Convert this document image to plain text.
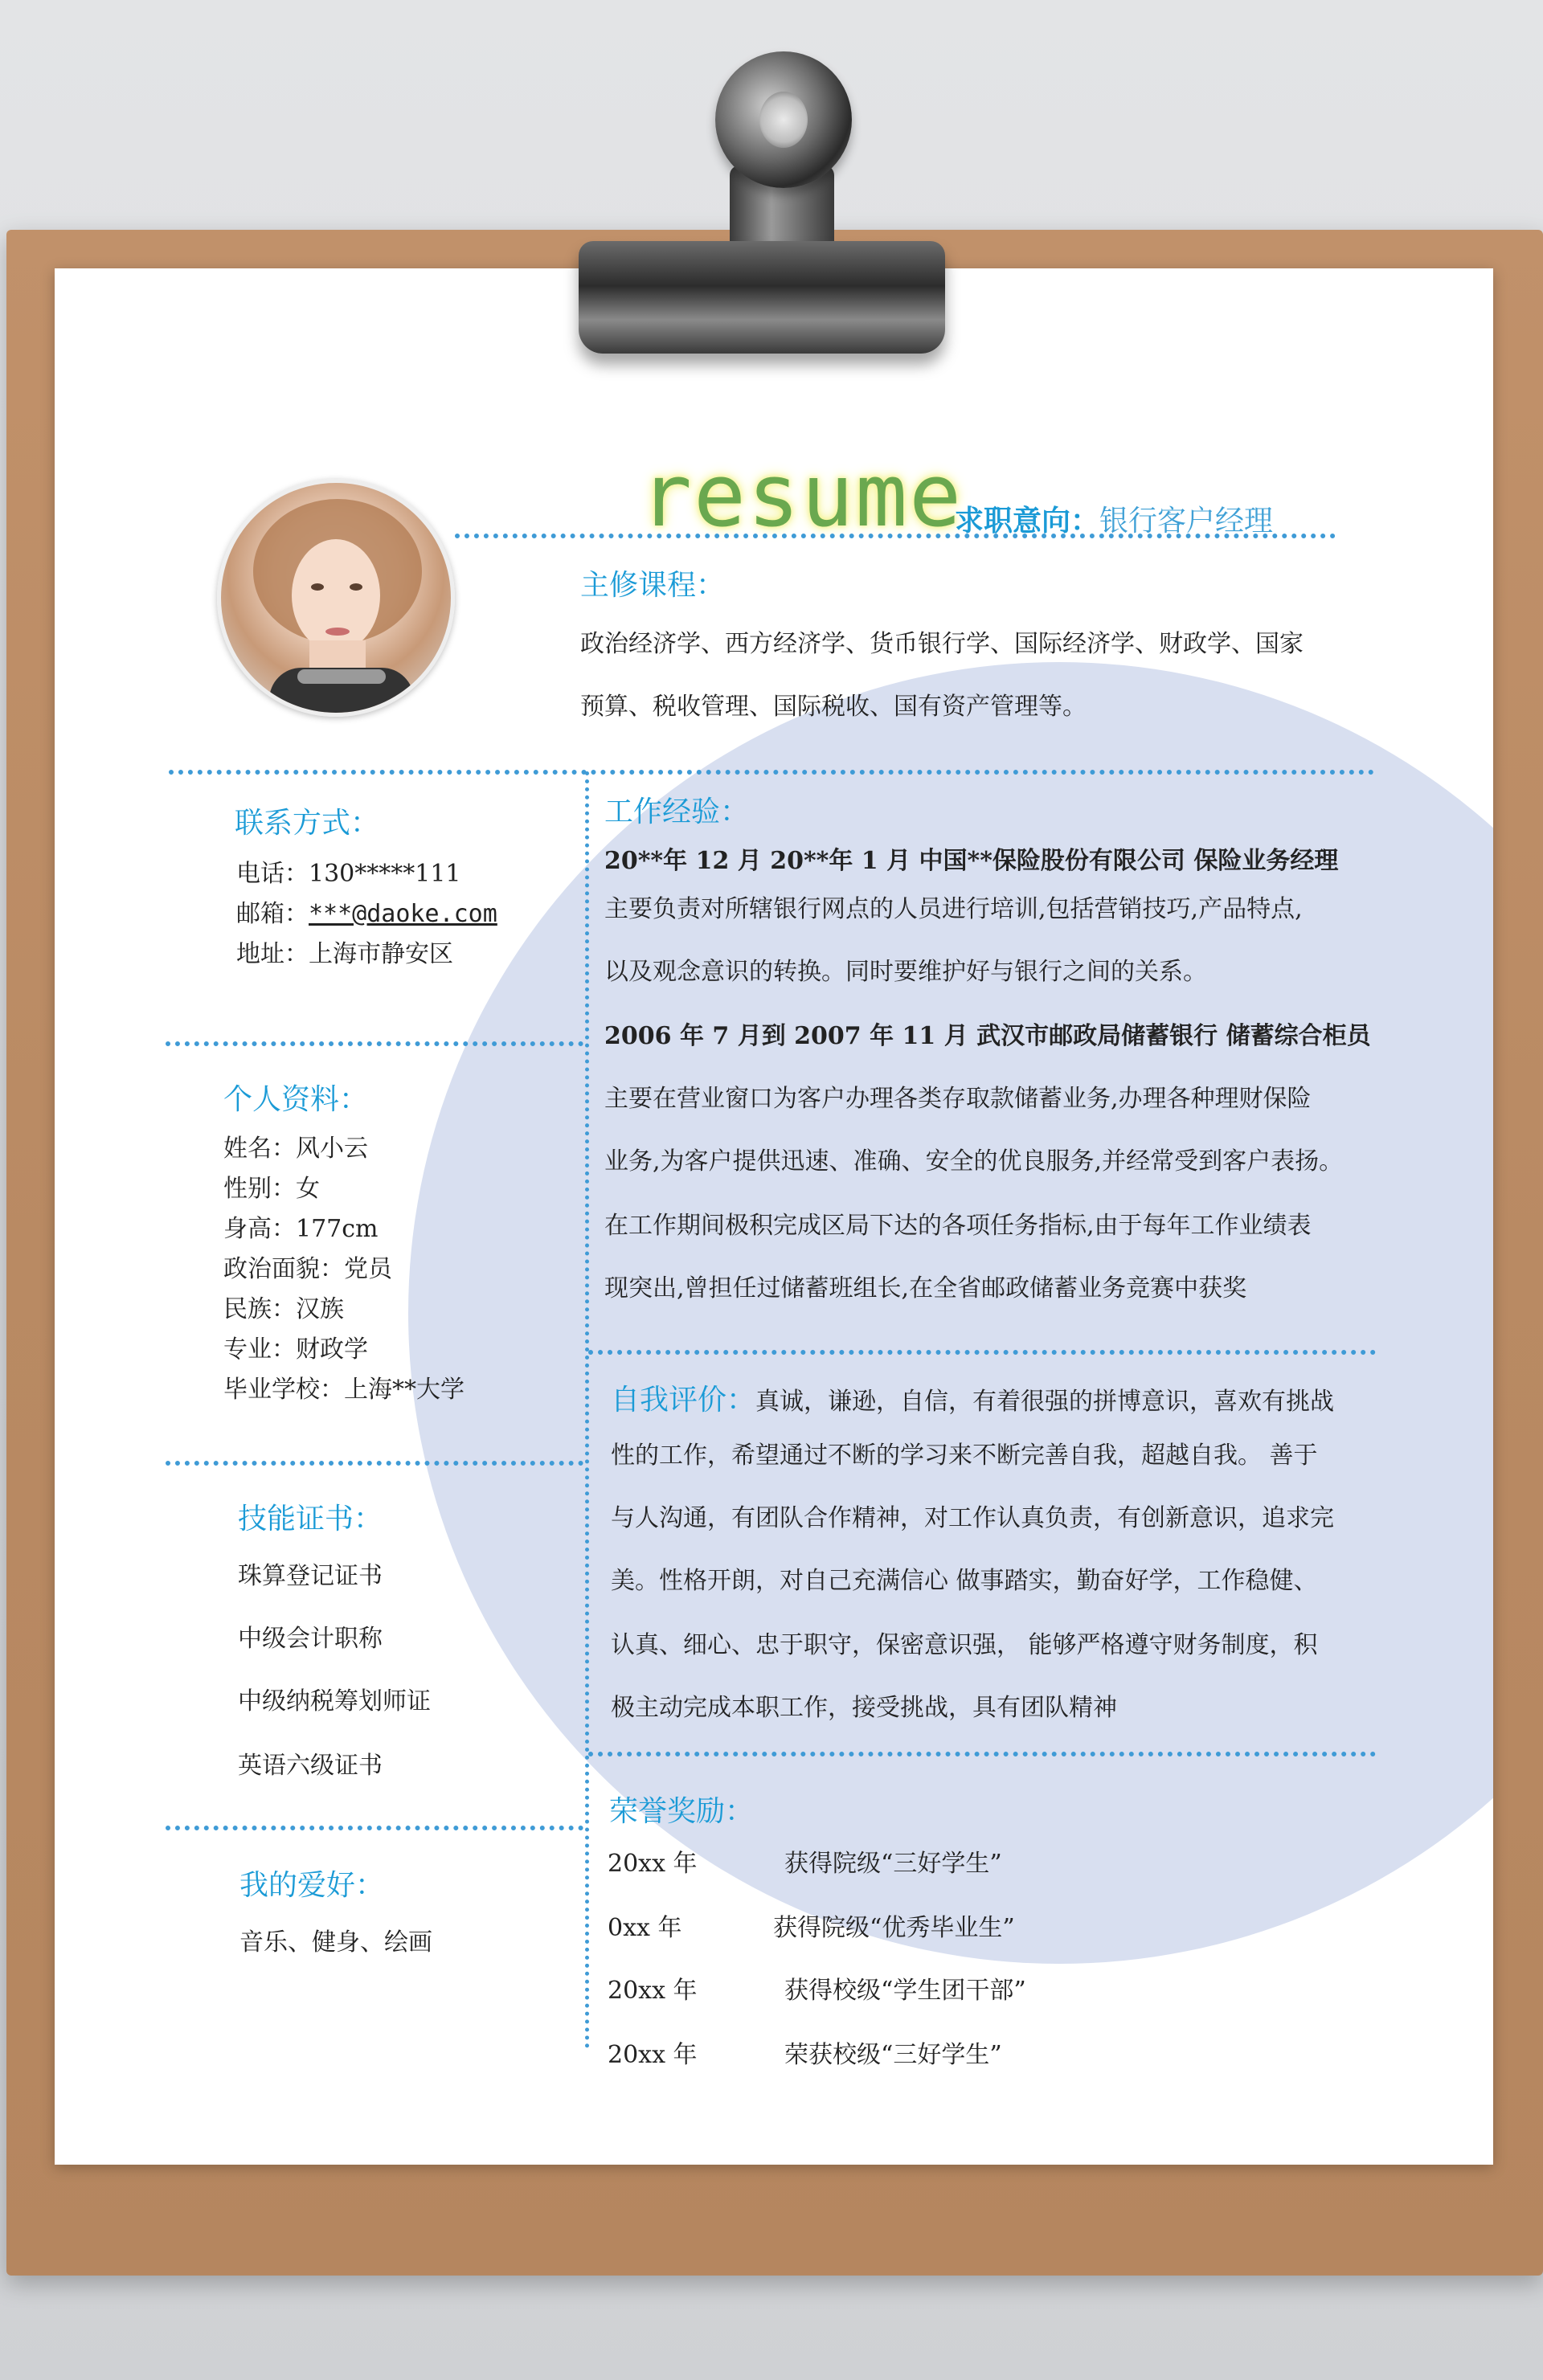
resume
求职意向：银行客户经理
主修课程：
政治经济学、西方经济学、货币银行学、国际经济学、财政学、国家
预算、税收管理、国际税收、国有资产管理等。
联系方式：
电话：130*****111
邮箱：***@daoke.com
地址：上海市静安区
个人资料：
姓名：风小云
性别：女
身高：177cm
政治面貌：党员
民族：汉族
专业：财政学
毕业学校：上海**大学
技能证书：
珠算登记证书
中级会计职称
中级纳税筹划师证
英语六级证书
我的爱好：
音乐、健身、绘画
工作经验：
20**年 12 月 20**年 1 月 中国**保险股份有限公司 保险业务经理
主要负责对所辖银行网点的人员进行培训,包括营销技巧,产品特点,
以及观念意识的转换。同时要维护好与银行之间的关系。
2006 年 7 月到 2007 年 11 月 武汉市邮政局储蓄银行 储蓄综合柜员
主要在营业窗口为客户办理各类存取款储蓄业务,办理各种理财保险
业务,为客户提供迅速、准确、安全的优良服务,并经常受到客户表扬。
在工作期间极积完成区局下达的各项任务指标,由于每年工作业绩表
现突出,曾担任过储蓄班组长,在全省邮政储蓄业务竞赛中获奖
自我评价：真诚，谦逊，自信，有着很强的拼博意识，喜欢有挑战
性的工作，希望通过不断的学习来不断完善自我，超越自我。 善于
与人沟通，有团队合作精神，对工作认真负责，有创新意识，追求完
美。性格开朗，对自己充满信心 做事踏实，勤奋好学，工作稳健、
认真、细心、忠于职守，保密意识强， 能够严格遵守财务制度，积
极主动完成本职工作，接受挑战，具有团队精神
荣誉奖励：
20xx 年	获得院级“三好学生”
0xx 年	获得院级“优秀毕业生”
20xx 年	获得校级“学生团干部”
20xx 年	荣获校级“三好学生”
